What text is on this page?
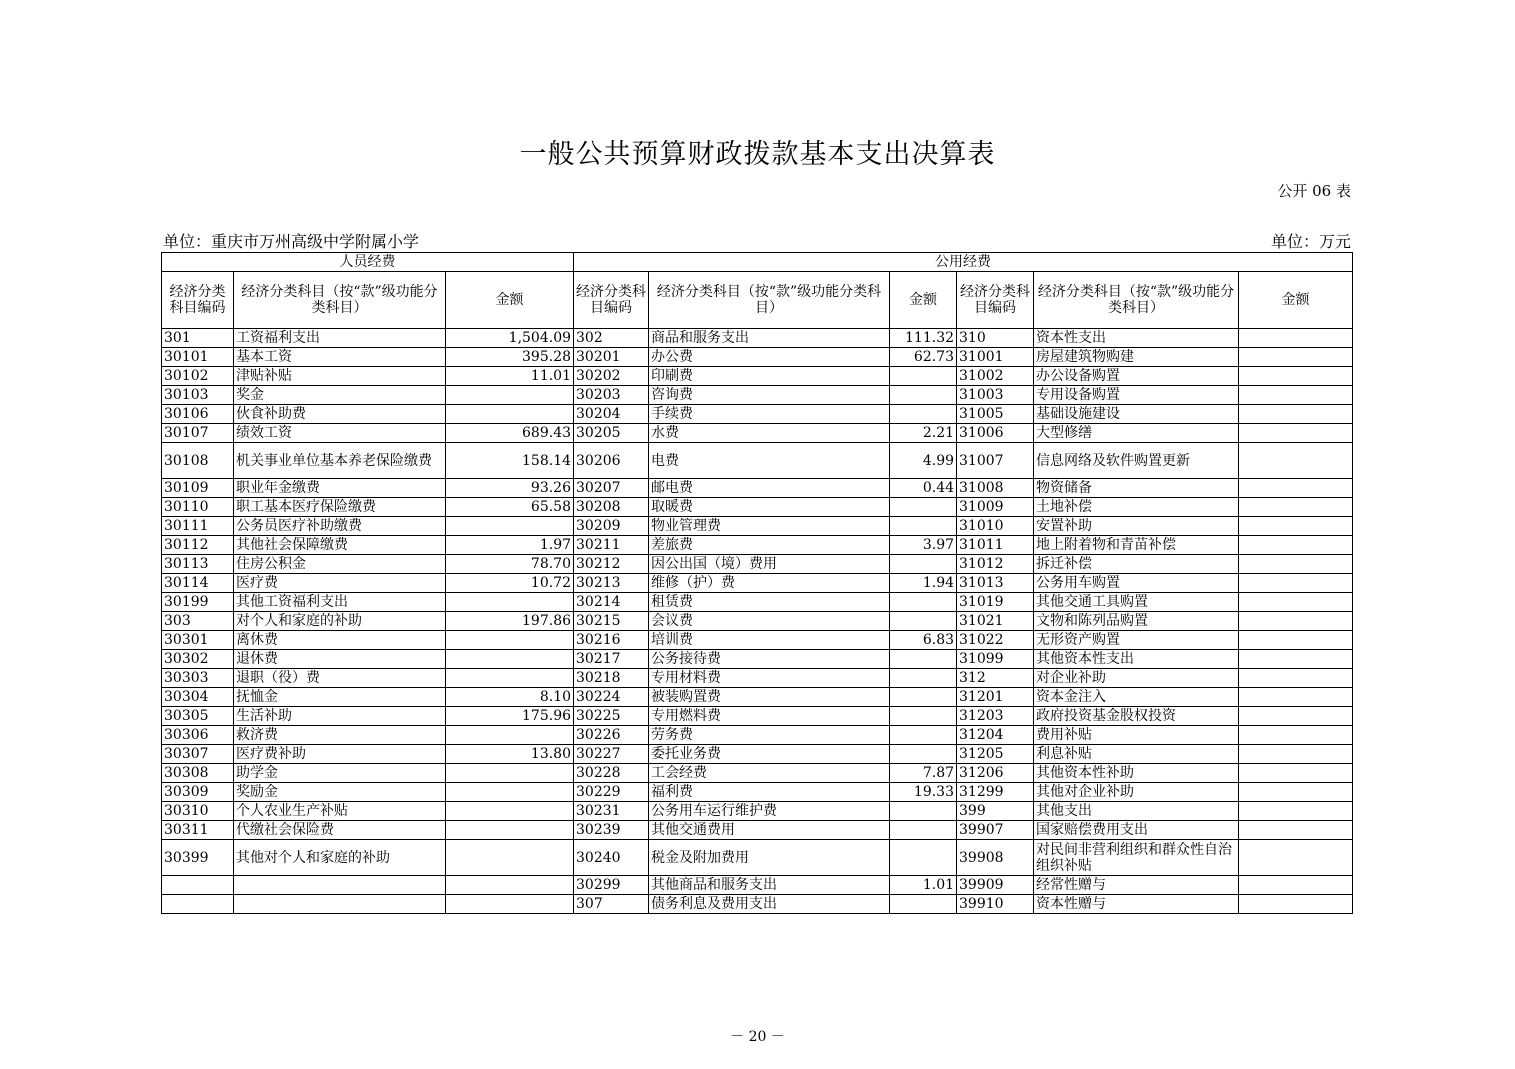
一般公共预算财政拨款基本支出决算表
公开 06 表
单位：重庆市万州高级中学附属小学	单位：万元
人员经费			公用经费					
经济分类科目编码	经济分类科目（按“款”级功能分类科目）	金额	经济分类科目编码	经济分类科目（按“款”级功能分类科目）	金额	经济分类科目编码	经济分类科目（按“款”级功能分类科目）	金额
301	工资福利支出	1,504.09	302	商品和服务支出	111.32	310	资本性支出	
30101	基本工资	395.28	30201	办公费	62.73	31001	房屋建筑物购建	
30102	津贴补贴	11.01	30202	印刷费		31002	办公设备购置	
30103	奖金		30203	咨询费		31003	专用设备购置	
30106	伙食补助费		30204	手续费		31005	基础设施建设	
30107	绩效工资	689.43	30205	水费	2.21	31006	大型修缮	
30108	机关事业单位基本养老保险缴费	158.14	30206	电费	4.99	31007	信息网络及软件购置更新	
30109	职业年金缴费	93.26	30207	邮电费	0.44	31008	物资储备	
30110	职工基本医疗保险缴费	65.58	30208	取暖费		31009	土地补偿	
30111	公务员医疗补助缴费		30209	物业管理费		31010	安置补助	
30112	其他社会保障缴费	1.97	30211	差旅费	3.97	31011	地上附着物和青苗补偿	
30113	住房公积金	78.70	30212	因公出国（境）费用		31012	拆迁补偿	
30114	医疗费	10.72	30213	维修（护）费	1.94	31013	公务用车购置	
30199	其他工资福利支出		30214	租赁费		31019	其他交通工具购置	
303	对个人和家庭的补助	197.86	30215	会议费		31021	文物和陈列品购置	
30301	离休费		30216	培训费	6.83	31022	无形资产购置	
30302	退休费		30217	公务接待费		31099	其他资本性支出	
30303	退职（役）费		30218	专用材料费		312	对企业补助	
30304	抚恤金	8.10	30224	被装购置费		31201	资本金注入	
30305	生活补助	175.96	30225	专用燃料费		31203	政府投资基金股权投资	
30306	救济费		30226	劳务费		31204	费用补贴	
30307	医疗费补助	13.80	30227	委托业务费		31205	利息补贴	
30308	助学金		30228	工会经费	7.87	31206	其他资本性补助	
30309	奖励金		30229	福利费	19.33	31299	其他对企业补助	
30310	个人农业生产补贴		30231	公务用车运行维护费		399	其他支出	
30311	代缴社会保险费		30239	其他交通费用		39907	国家赔偿费用支出	
30399	其他对个人和家庭的补助		30240	税金及附加费用		39908	对民间非营利组织和群众性自治组织补贴	
			30299	其他商品和服务支出	1.01	39909	经常性赠与	
			307	债务利息及费用支出		39910	资本性赠与	
－ 20 －
